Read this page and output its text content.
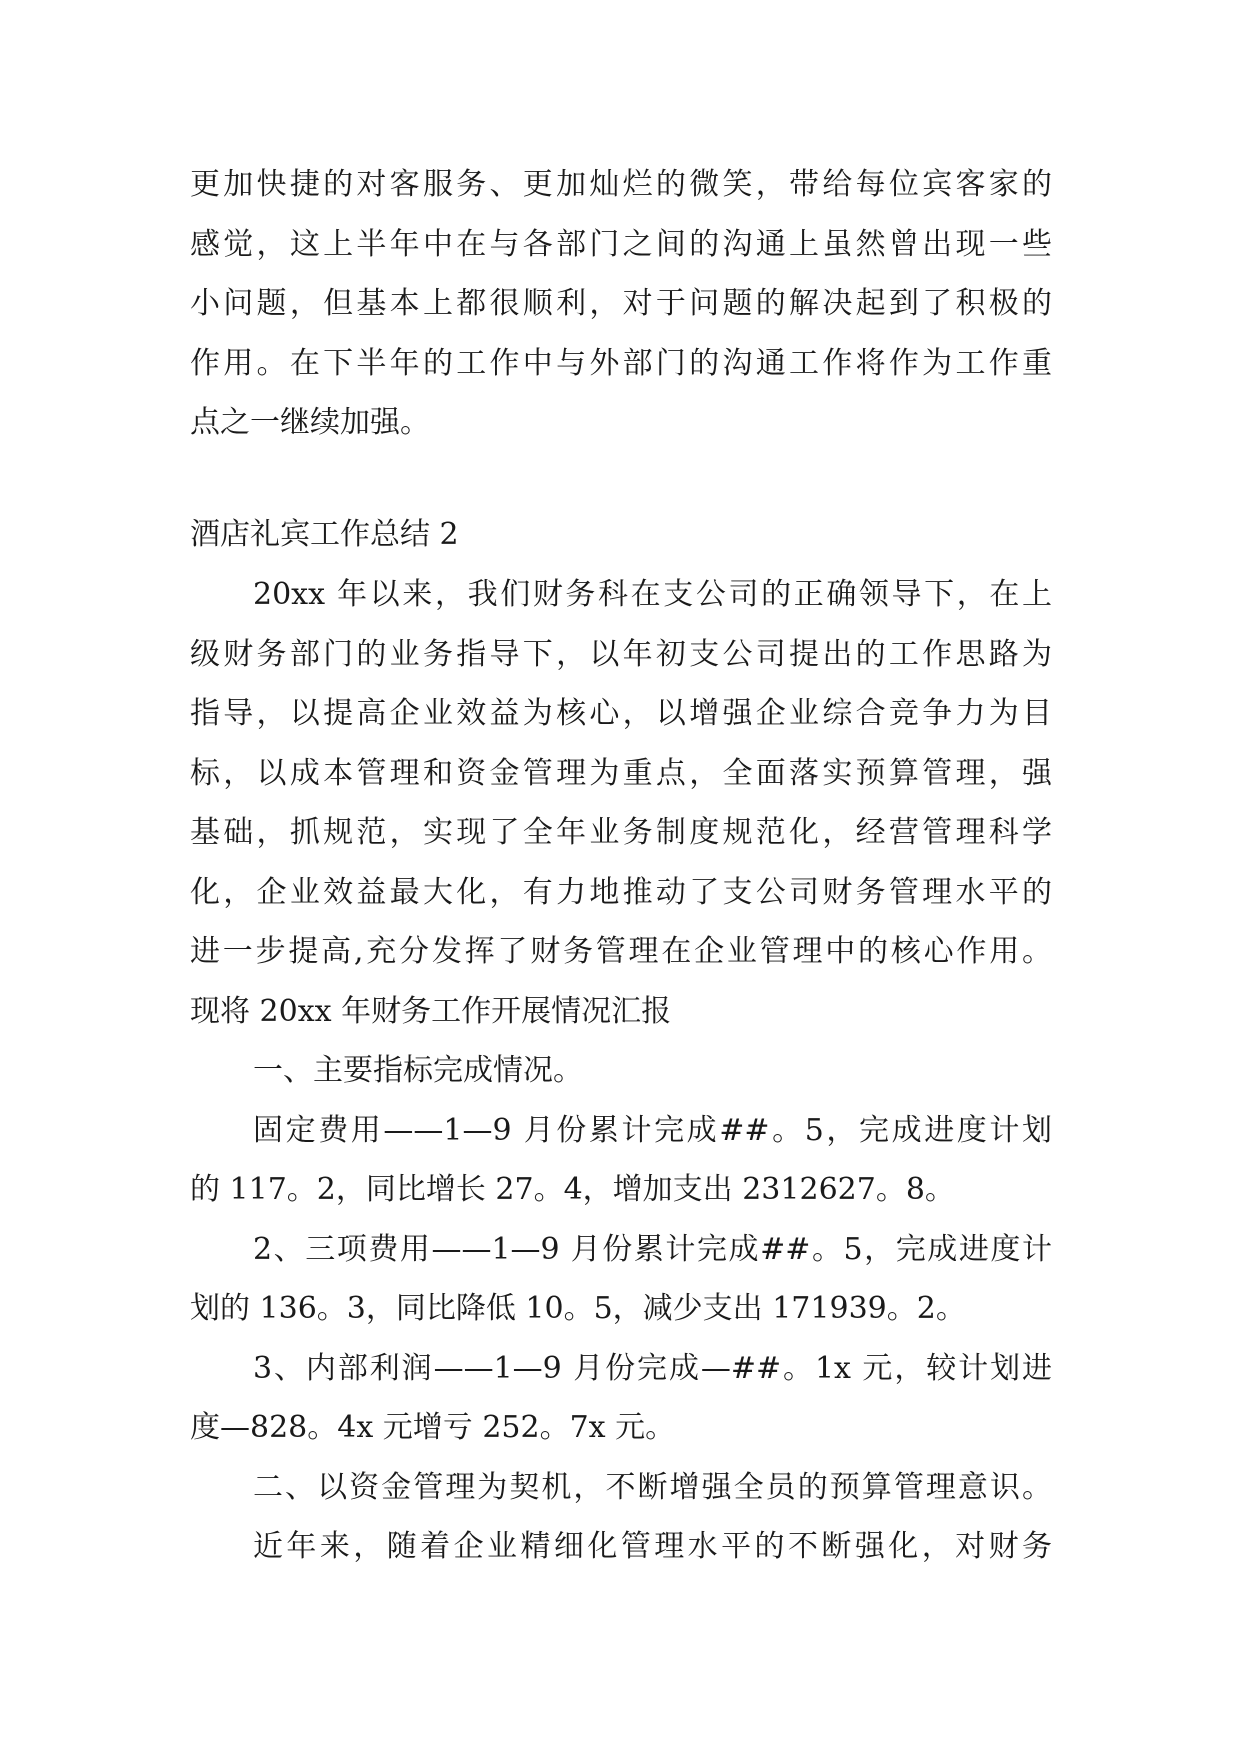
更加快捷的对客服务、更加灿烂的微笑，带给每位宾客家的
感觉，这上半年中在与各部门之间的沟通上虽然曾出现一些
小问题，但基本上都很顺利，对于问题的解决起到了积极的
作用。在下半年的工作中与外部门的沟通工作将作为工作重
点之一继续加强。
酒店礼宾工作总结 2
20xx 年以来，我们财务科在支公司的正确领导下，在上
级财务部门的业务指导下，以年初支公司提出的工作思路为
指导，以提高企业效益为核心，以增强企业综合竞争力为目
标，以成本管理和资金管理为重点，全面落实预算管理，强
基础，抓规范，实现了全年业务制度规范化，经营管理科学
化，企业效益最大化，有力地推动了支公司财务管理水平的
进一步提高,充分发挥了财务管理在企业管理中的核心作用。
现将 20xx 年财务工作开展情况汇报
一、主要指标完成情况。
固定费用——1—9 月份累计完成##。5，完成进度计划
的 117。2，同比增长 27。4，增加支出 2312627。8。
2、三项费用——1—9 月份累计完成##。5，完成进度计
划的 136。3，同比降低 10。5，减少支出 171939。2。
3、内部利润——1—9 月份完成—##。1x 元，较计划进
度—828。4x 元增亏 252。7x 元。
二、以资金管理为契机，不断增强全员的预算管理意识。
近年来，随着企业精细化管理水平的不断强化，对财务
